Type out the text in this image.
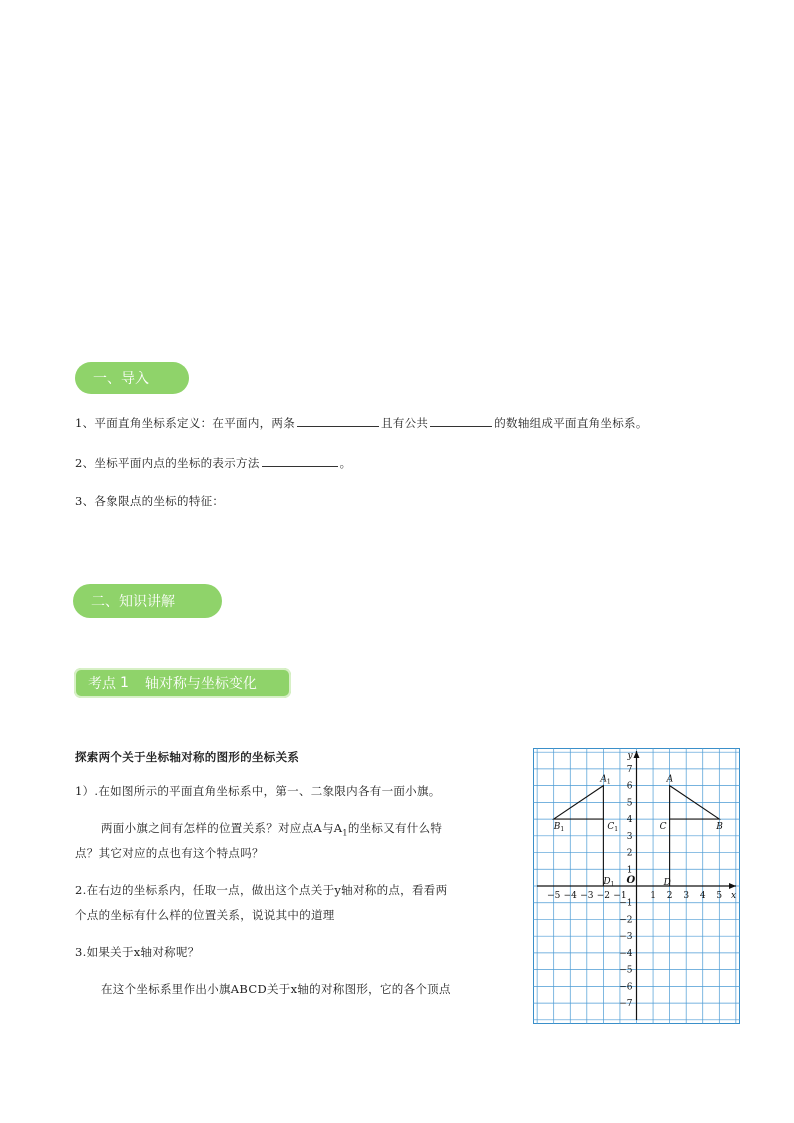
一、导入
1、平面直角坐标系定义：在平面内，两条	且有公共	的数轴组成平面直角坐标系。
2、坐标平面内点的坐标的表示方法	。
3、各象限点的坐标的特征：
二、知识讲解
考点 1 轴对称与坐标变化
探索两个关于坐标轴对称的图形的坐标关系
1）.在如图所示的平面直角坐标系中，第一、二象限内各有一面小旗。
两面小旗之间有怎样的位置关系？对应点A与$A_1$的坐标又有什么特
点？其它对应的点也有这个特点吗？
2.在右边的坐标系内，任取一点，做出这个点关于y轴对称的点，看看两
个点的坐标有什么样的位置关系，说说其中的道理
3.如果关于x轴对称呢？
在这个坐标系里作出小旗ABCD关于x轴的对称图形，它的各个顶点
x
y
O
−5 −4 −3 −2 −1	1 2 3 4 5
7
6
5
4
3
2
1
−1
−2
−3
−4
−5
−6
−7
A
B
C
D
$A_1$
$B_1$	$C_1$
$D_1$
